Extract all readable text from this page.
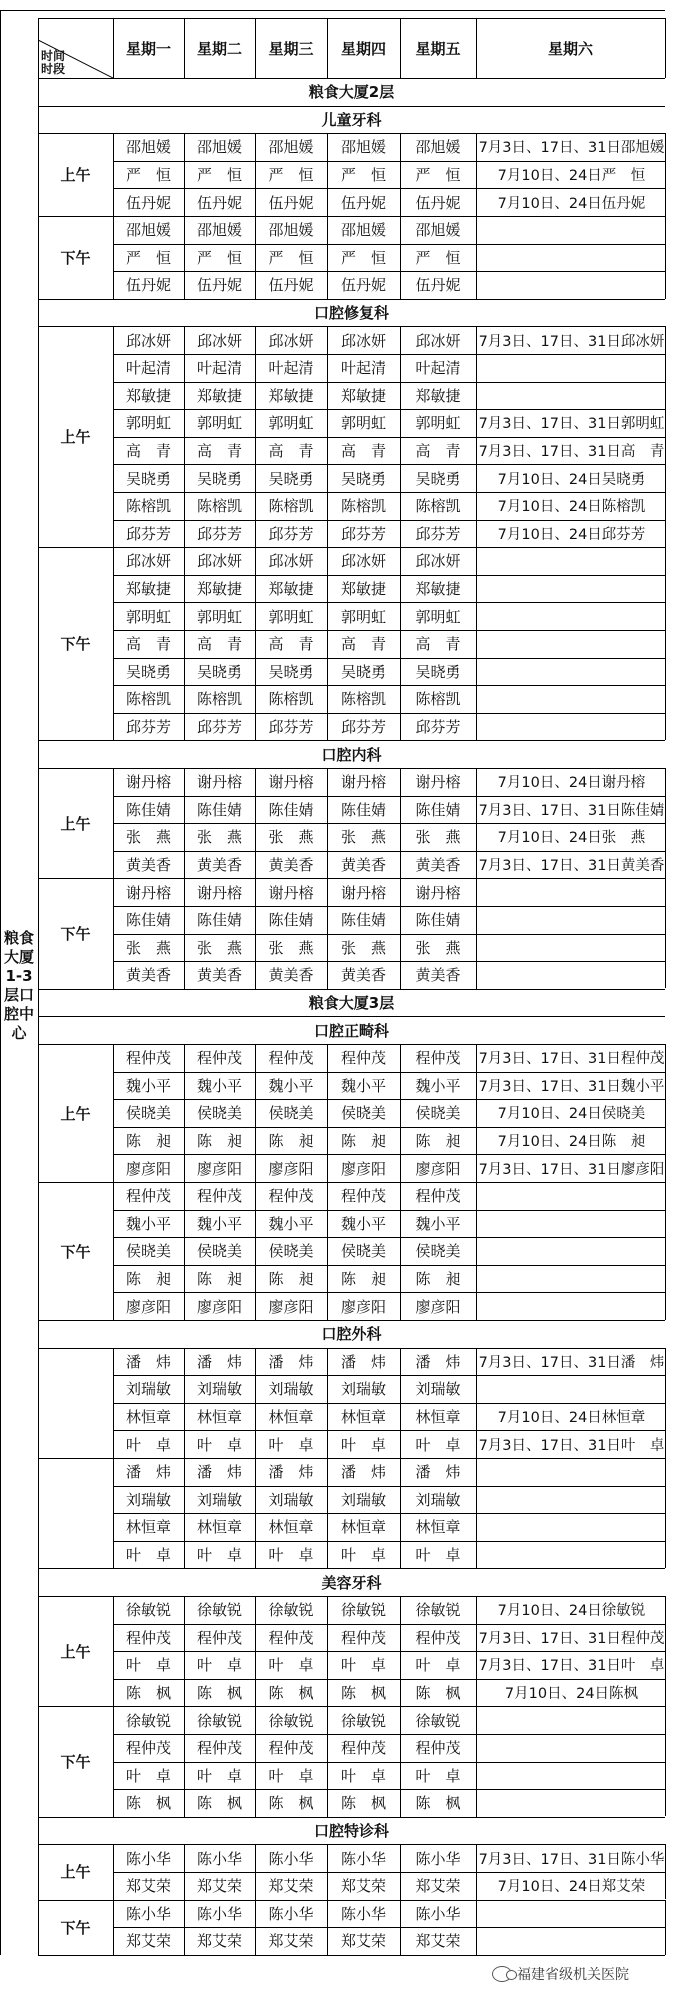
时间 时段
星期一	星期二	星期三	星期四	星期五	星期六
粮食大厦2层
儿童牙科
上午
邵旭媛	邵旭媛	邵旭媛	邵旭媛	邵旭媛	7月3日、17日、31日邵旭媛
严　恒	严　恒	严　恒	严　恒	严　恒	7月10日、24日严　恒
伍丹妮	伍丹妮	伍丹妮	伍丹妮	伍丹妮	7月10日、24日伍丹妮
下午
邵旭媛	邵旭媛	邵旭媛	邵旭媛	邵旭媛
严　恒	严　恒	严　恒	严　恒	严　恒
伍丹妮	伍丹妮	伍丹妮	伍丹妮	伍丹妮
口腔修复科
上午
邱冰妍	邱冰妍	邱冰妍	邱冰妍	邱冰妍	7月3日、17日、31日邱冰妍
叶起清	叶起清	叶起清	叶起清	叶起清
郑敏捷	郑敏捷	郑敏捷	郑敏捷	郑敏捷
郭明虹	郭明虹	郭明虹	郭明虹	郭明虹	7月3日、17日、31日郭明虹
高　青	高　青	高　青	高　青	高　青	7月3日、17日、31日高　青
吴晓勇	吴晓勇	吴晓勇	吴晓勇	吴晓勇	7月10日、24日吴晓勇
陈榕凯	陈榕凯	陈榕凯	陈榕凯	陈榕凯	7月10日、24日陈榕凯
邱芬芳	邱芬芳	邱芬芳	邱芬芳	邱芬芳	7月10日、24日邱芬芳
下午
邱冰妍	邱冰妍	邱冰妍	邱冰妍	邱冰妍
郑敏捷	郑敏捷	郑敏捷	郑敏捷	郑敏捷
郭明虹	郭明虹	郭明虹	郭明虹	郭明虹
高　青	高　青	高　青	高　青	高　青
吴晓勇	吴晓勇	吴晓勇	吴晓勇	吴晓勇
陈榕凯	陈榕凯	陈榕凯	陈榕凯	陈榕凯
邱芬芳	邱芬芳	邱芬芳	邱芬芳	邱芬芳
口腔内科
上午
谢丹榕	谢丹榕	谢丹榕	谢丹榕	谢丹榕	7月10日、24日谢丹榕
陈佳婧	陈佳婧	陈佳婧	陈佳婧	陈佳婧	7月3日、17日、31日陈佳婧
张　燕	张　燕	张　燕	张　燕	张　燕	7月10日、24日张　燕
黄美香	黄美香	黄美香	黄美香	黄美香	7月3日、17日、31日黄美香
下午
谢丹榕	谢丹榕	谢丹榕	谢丹榕	谢丹榕
陈佳婧	陈佳婧	陈佳婧	陈佳婧	陈佳婧
张　燕	张　燕	张　燕	张　燕	张　燕
黄美香	黄美香	黄美香	黄美香	黄美香
粮食大厦3层
口腔正畸科
上午
程仲茂	程仲茂	程仲茂	程仲茂	程仲茂	7月3日、17日、31日程仲茂
魏小平	魏小平	魏小平	魏小平	魏小平	7月3日、17日、31日魏小平
侯晓美	侯晓美	侯晓美	侯晓美	侯晓美	7月10日、24日侯晓美
陈　昶	陈　昶	陈　昶	陈　昶	陈　昶	7月10日、24日陈　昶
廖彦阳	廖彦阳	廖彦阳	廖彦阳	廖彦阳	7月3日、17日、31日廖彦阳
下午
程仲茂	程仲茂	程仲茂	程仲茂	程仲茂
魏小平	魏小平	魏小平	魏小平	魏小平
侯晓美	侯晓美	侯晓美	侯晓美	侯晓美
陈　昶	陈　昶	陈　昶	陈　昶	陈　昶
廖彦阳	廖彦阳	廖彦阳	廖彦阳	廖彦阳
口腔外科
潘　炜	潘　炜	潘　炜	潘　炜	潘　炜	7月3日、17日、31日潘　炜
刘瑞敏	刘瑞敏	刘瑞敏	刘瑞敏	刘瑞敏
林恒章	林恒章	林恒章	林恒章	林恒章	7月10日、24日林恒章
叶　卓	叶　卓	叶　卓	叶　卓	叶　卓	7月3日、17日、31日叶　卓
潘　炜	潘　炜	潘　炜	潘　炜	潘　炜
刘瑞敏	刘瑞敏	刘瑞敏	刘瑞敏	刘瑞敏
林恒章	林恒章	林恒章	林恒章	林恒章
叶　卓	叶　卓	叶　卓	叶　卓	叶　卓
美容牙科
上午
徐敏锐	徐敏锐	徐敏锐	徐敏锐	徐敏锐	7月10日、24日徐敏锐
程仲茂	程仲茂	程仲茂	程仲茂	程仲茂	7月3日、17日、31日程仲茂
叶　卓	叶　卓	叶　卓	叶　卓	叶　卓	7月3日、17日、31日叶　卓
陈　枫	陈　枫	陈　枫	陈　枫	陈　枫	7月10日、24日陈枫
下午
徐敏锐	徐敏锐	徐敏锐	徐敏锐	徐敏锐
程仲茂	程仲茂	程仲茂	程仲茂	程仲茂
叶　卓	叶　卓	叶　卓	叶　卓	叶　卓
陈　枫	陈　枫	陈　枫	陈　枫	陈　枫
口腔特诊科
上午
陈小华	陈小华	陈小华	陈小华	陈小华	7月3日、17日、31日陈小华
郑艾荣	郑艾荣	郑艾荣	郑艾荣	郑艾荣	7月10日、24日郑艾荣
下午
陈小华	陈小华	陈小华	陈小华	陈小华
郑艾荣	郑艾荣	郑艾荣	郑艾荣	郑艾荣
粮食大厦1-3层口腔中心
福建省级机关医院
